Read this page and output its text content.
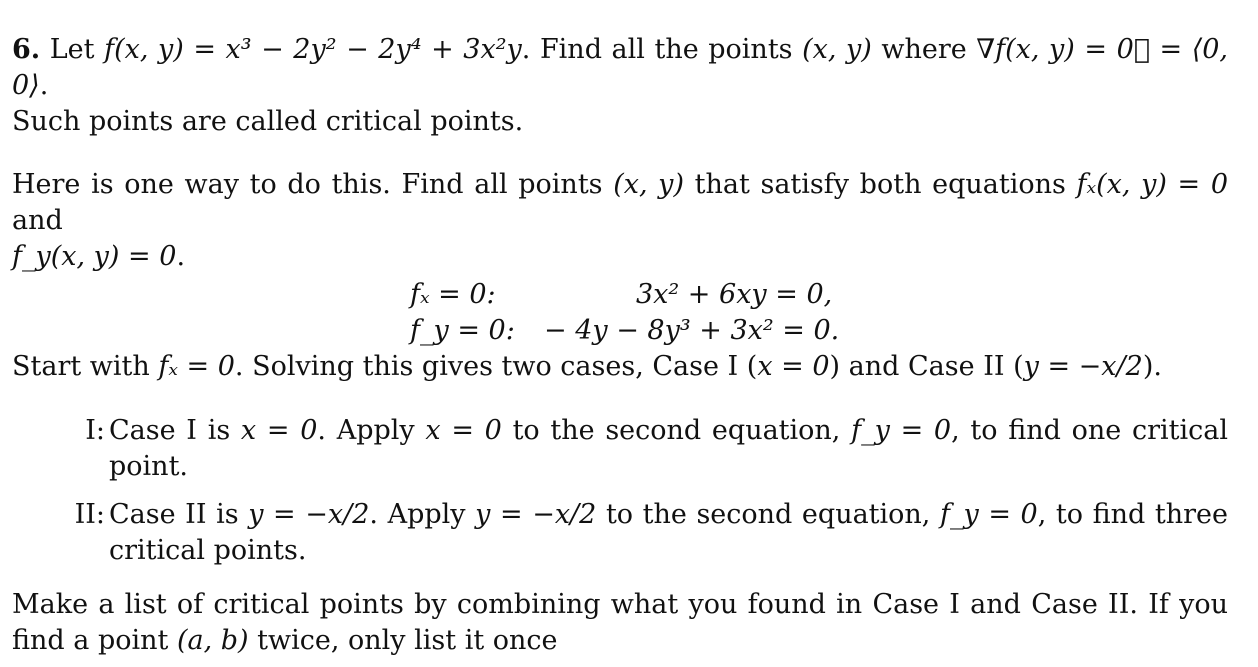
6. Let f(x, y) = x³ − 2y² − 2y⁴ + 3x²y. Find all the points (x, y) where ∇f(x, y) = 0⃗ = ⟨0, 0⟩.
Such points are called critical points.

Here is one way to do this. Find all points (x, y) that satisfy both equations fₓ(x, y) = 0 and
f_y(x, y) = 0.

fₓ = 0:	3x² + 6xy = 0,
f_y = 0: − 4y − 8y³ + 3x² = 0.

Start with fₓ = 0. Solving this gives two cases, Case I (x = 0) and Case II (y = −x/2).

I: Case I is x = 0. Apply x = 0 to the second equation, f_y = 0, to find one critical point.
II: Case II is y = −x/2. Apply y = −x/2 to the second equation, f_y = 0, to find three critical points.

Make a list of critical points by combining what you found in Case I and Case II. If you find a point (a, b) twice, only list it once
